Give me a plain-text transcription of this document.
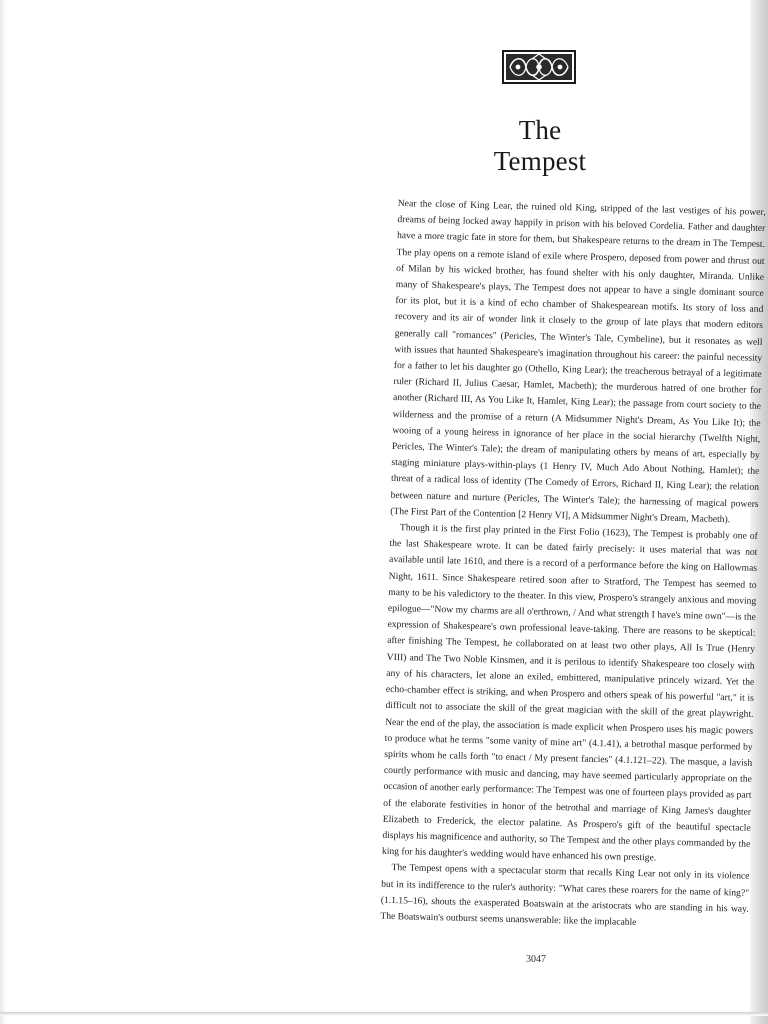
The Tempest

Near the close of King Lear, the ruined old King, stripped of the last vestiges of his power, dreams of being locked away happily in prison with his beloved Cordelia. Father and daughter have a more tragic fate in store for them, but Shakespeare returns to the dream in The Tempest. The play opens on a remote island of exile where Prospero, deposed from power and thrust out of Milan by his wicked brother, has found shelter with his only daughter, Miranda. Unlike many of Shakespeare's plays, The Tempest does not appear to have a single dominant source for its plot, but it is a kind of echo chamber of Shakespearean motifs. Its story of loss and recovery and its air of wonder link it closely to the group of late plays that modern editors generally call "romances" (Pericles, The Winter's Tale, Cymbeline), but it resonates as well with issues that haunted Shakespeare's imagination throughout his career: the painful necessity for a father to let his daughter go (Othello, King Lear); the treacherous betrayal of a legitimate ruler (Richard II, Julius Caesar, Hamlet, Macbeth); the murderous hatred of one brother for another (Richard III, As You Like It, Hamlet, King Lear); the passage from court society to the wilderness and the promise of a return (A Midsummer Night's Dream, As You Like It); the wooing of a young heiress in ignorance of her place in the social hierarchy (Twelfth Night, Pericles, The Winter's Tale); the dream of manipulating others by means of art, especially by staging miniature plays-within-plays (1 Henry IV, Much Ado About Nothing, Hamlet); the threat of a radical loss of identity (The Comedy of Errors, Richard II, King Lear); the relation between nature and nurture (Pericles, The Winter's Tale); the harnessing of magical powers (The First Part of the Contention [2 Henry VI], A Midsummer Night's Dream, Macbeth).

Though it is the first play printed in the First Folio (1623), The Tempest is probably one of the last Shakespeare wrote. It can be dated fairly precisely: it uses material that was not available until late 1610, and there is a record of a performance before the king on Hallowmas Night, 1611. Since Shakespeare retired soon after to Stratford, The Tempest has seemed to many to be his valedictory to the theater. In this view, Prospero's strangely anxious and moving epilogue—"Now my charms are all o'erthrown, / And what strength I have's mine own"—is the expression of Shakespeare's own professional leave-taking. There are reasons to be skeptical: after finishing The Tempest, he collaborated on at least two other plays, All Is True (Henry VIII) and The Two Noble Kinsmen, and it is perilous to identify Shakespeare too closely with any of his characters, let alone an exiled, embittered, manipulative princely wizard. Yet the echo-chamber effect is striking, and when Prospero and others speak of his powerful "art," it is difficult not to associate the skill of the great magician with the skill of the great playwright. Near the end of the play, the association is made explicit when Prospero uses his magic powers to produce what he terms "some vanity of mine art" (4.1.41), a betrothal masque performed by spirits whom he calls forth "to enact / My present fancies" (4.1.121–22). The masque, a lavish courtly performance with music and dancing, may have seemed particularly appropriate on the occasion of another early performance: The Tempest was one of fourteen plays provided as part of the elaborate festivities in honor of the betrothal and marriage of King James's daughter Elizabeth to Frederick, the elector palatine. As Prospero's gift of the beautiful spectacle displays his magnificence and authority, so The Tempest and the other plays commanded by the king for his daughter's wedding would have enhanced his own prestige.

The Tempest opens with a spectacular storm that recalls King Lear not only in its violence but in its indifference to the ruler's authority: "What cares these roarers for the name of king?" (1.1.15–16), shouts the exasperated Boatswain at the aristocrats who are standing in his way. The Boatswain's outburst seems unanswerable: like the implacable

3047
